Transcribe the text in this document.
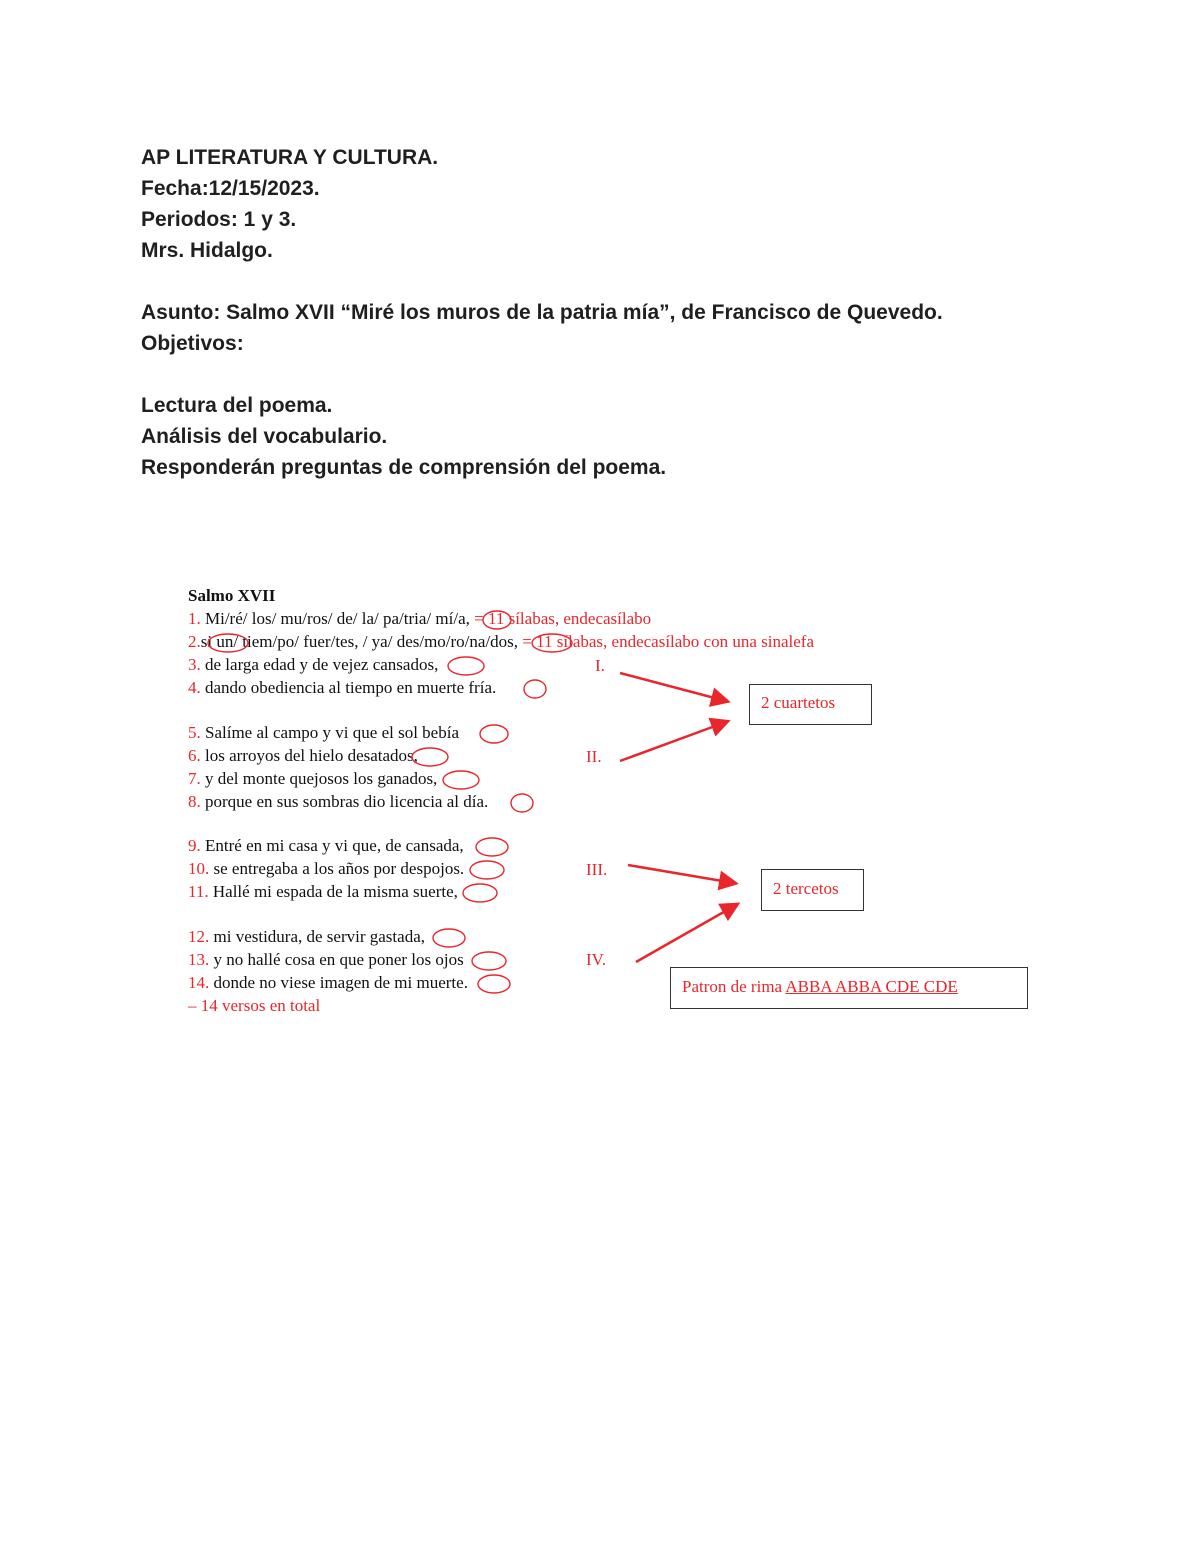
AP LITERATURA Y CULTURA.
Fecha:12/15/2023.
Periodos: 1 y 3.
Mrs. Hidalgo.
Asunto: Salmo XVII “Miré los muros de la patria mía”, de Francisco de Quevedo.
Objetivos:
Lectura del poema.
Análisis del vocabulario.
Responderán preguntas de comprensión del poema.
Salmo XVII
1. Mi/ré/ los/ mu/ros/ de/ la/ pa/tria/ mí/a, = 11 sílabas, endecasílabo
2.si un/ tiem/po/ fuer/tes, / ya/ des/mo/ro/na/dos, = 11 sílabas, endecasílabo con una sinalefa
3. de larga edad y de vejez cansados,
4. dando obediencia al tiempo en muerte fría.
5. Salíme al campo y vi que el sol bebía
6. los arroyos del hielo desatados,
7. y del monte quejosos los ganados,
8. porque en sus sombras dio licencia al día.
9. Entré en mi casa y vi que, de cansada,
10. se entregaba a los años por despojos.
11. Hallé mi espada de la misma suerte,
12. mi vestidura, de servir gastada,
13. y no hallé cosa en que poner los ojos
14. donde no viese imagen de mi muerte.
– 14 versos en total
I.
II.
III.
IV.
2 cuartetos
2 tercetos
Patron de rima ABBA ABBA CDE CDE
